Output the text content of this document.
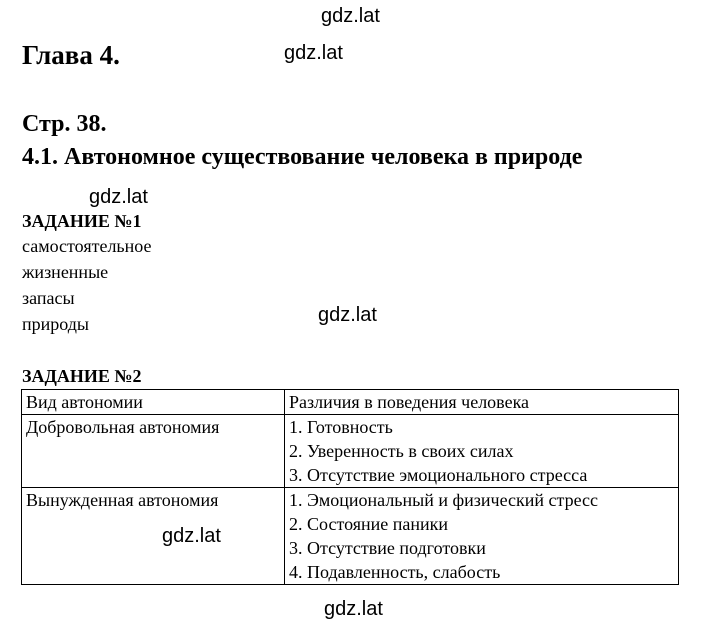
gdz.lat
gdz.lat
gdz.lat
gdz.lat
gdz.lat
gdz.lat
Глава 4.
Стр. 38.
4.1. Автономное существование человека в природе
ЗАДАНИЕ №1
самостоятельное
жизненные
запасы
природы
ЗАДАНИЕ №2
Вид автономии	Различия в поведения человека
Добровольная автономия	1. Готовность
2. Уверенность в своих силах
3. Отсутствие эмоционального стресса

Вынужденная автономия	1. Эмоциональный и физический стресс
2. Состояние паники
3. Отсутствие подготовки
4. Подавленность, слабость
